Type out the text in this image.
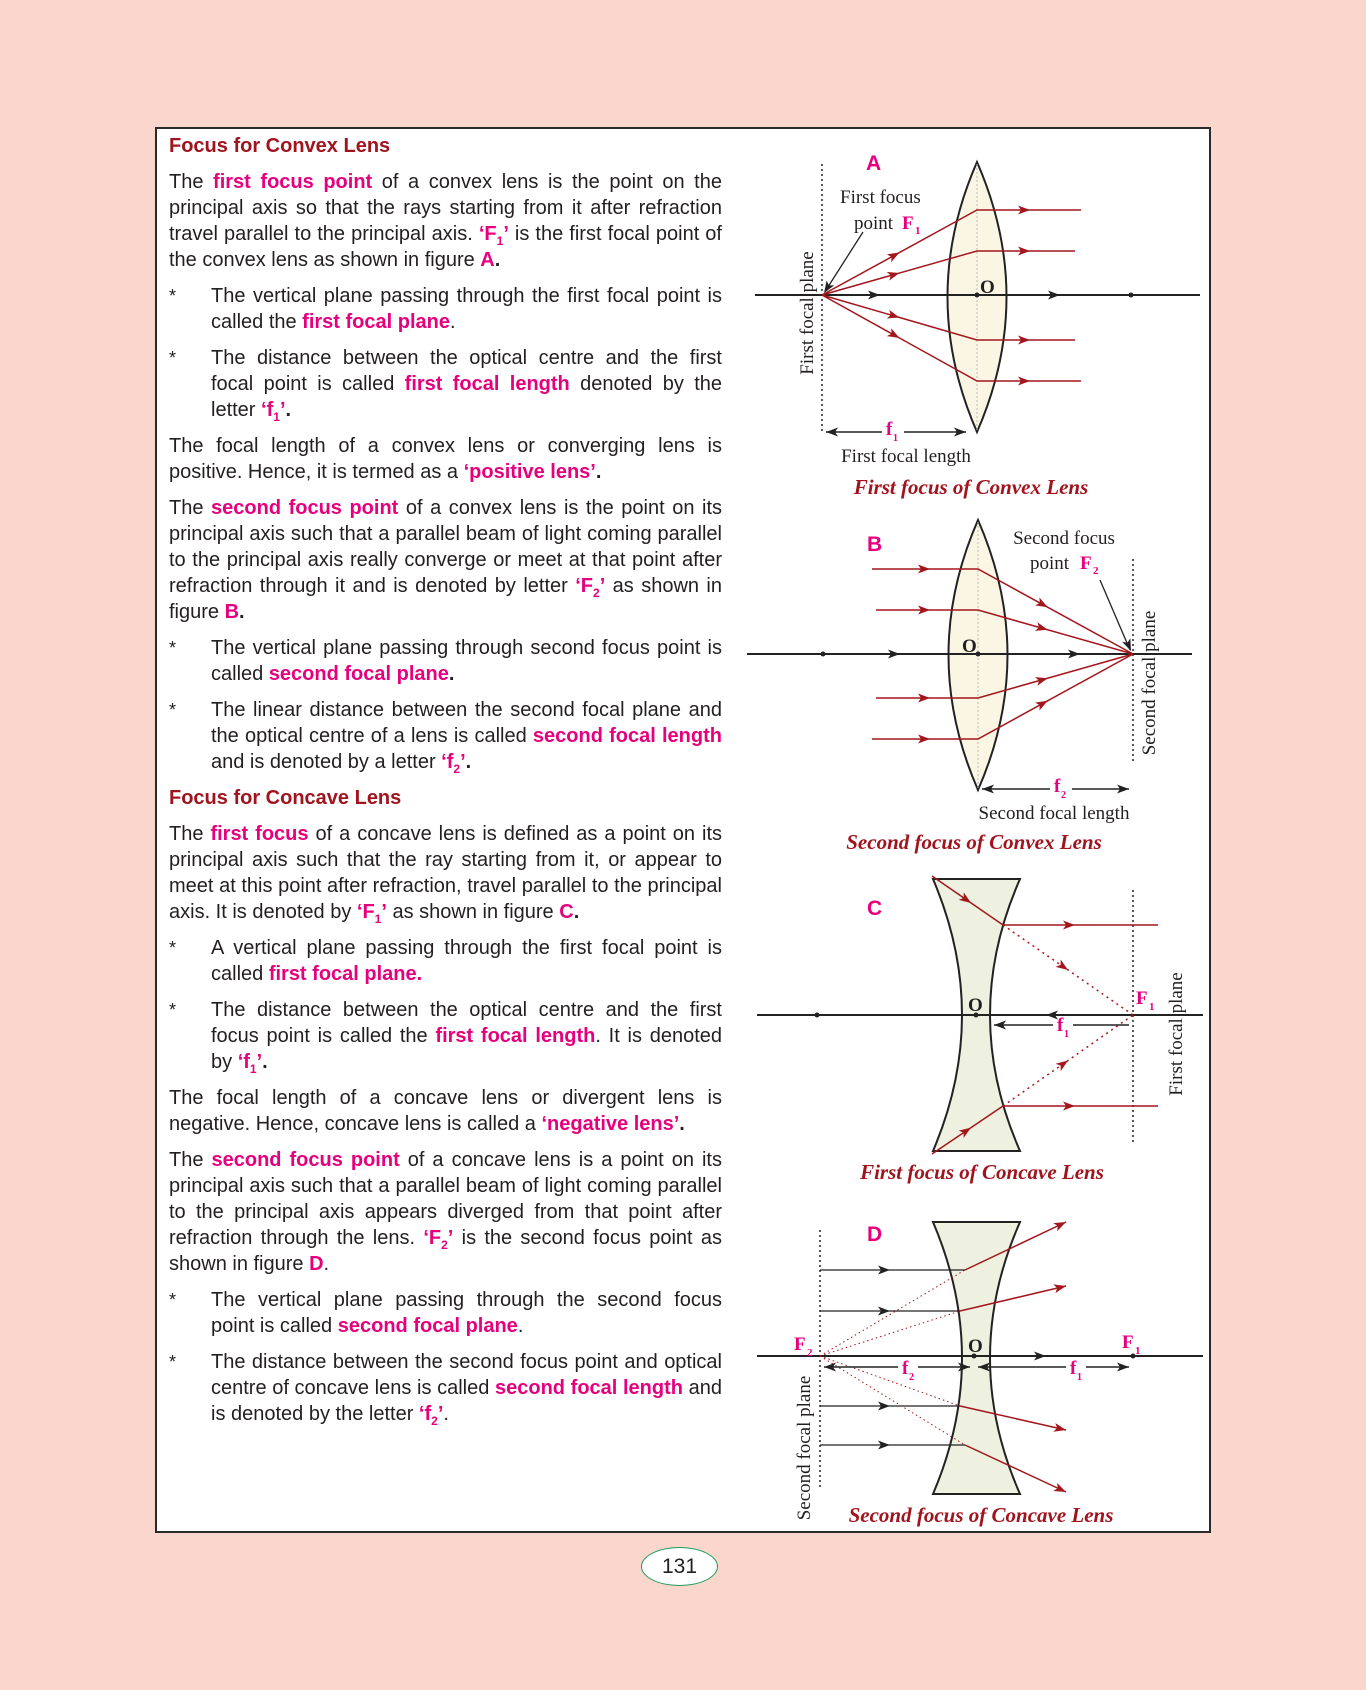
Focus for Convex Lens
The first focus point of a convex lens is the point on the principal axis so that the rays starting from it after refraction travel parallel to the principal axis. ‘$F_1$’ is the first focal point of the convex lens as shown in figure A.
* The vertical plane passing through the first focal point is called the first focal plane.
* The distance between the optical centre and the first focal point is called first focal length denoted by the letter ‘$f_1$’.
The focal length of a convex lens or converging lens is positive. Hence, it is termed as a ‘positive lens’.
The second focus point of a convex lens is the point on its principal axis such that a parallel beam of light coming parallel to the principal axis really converge or meet at that point after refraction through it and is denoted by letter ‘$F_2$’ as shown in figure B.
* The vertical plane passing through second focus point is called second focal plane.
* The linear distance between the second focal plane and the optical centre of a lens is called second focal length and is denoted by a letter ‘$f_2$’.
Focus for Concave Lens
The first focus of a concave lens is defined as a point on its principal axis such that the ray starting from it, or appear to meet at this point after refraction, travel parallel to the principal axis. It is denoted by ‘$F_1$’ as shown in figure C.
* A vertical plane passing through the first focal point is called first focal plane.
* The distance between the optical centre and the first focus point is called the first focal length. It is denoted by ‘$f_1$’.
The focal length of a concave lens or divergent lens is negative. Hence, concave lens is called a ‘negative lens’.
The second focus point of a concave lens is a point on its principal axis such that a parallel beam of light coming parallel to the principal axis appears diverged from that point after refraction through the lens. ‘$F_2$’ is the second focus point as shown in figure D.
* The vertical plane passing through the second focus point is called second focal plane.
* The distance between the second focus point and optical centre of concave lens is called second focal length and is denoted by the letter ‘$f_2$’.
A
First focus
point F 1
First focal plane	O
f 1
First focal length
First focus of Convex Lens
B	Second focus
point F 2
Second focal plane
O
f 2
Second focal length
Second focus of Convex Lens
C
F 1 First focal plane
O
f 1
First focus of Concave Lens
D
F 2	F 1
Second focal plane
O
f 2	f 1
Second focus of Concave Lens
131
